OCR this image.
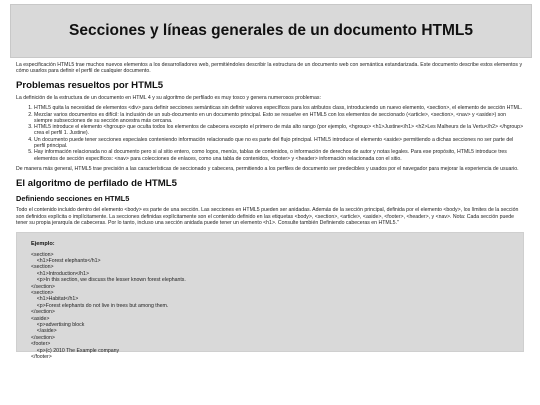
Secciones y líneas generales de un documento HTML5

La especificación HTML5 trae muchos nuevos elementos a los desarrolladores web, permitiéndoles describir la estructura de un documento web con semántica estandarizada. Este documento describe estos elementos y cómo usarlos para definir el perfil de cualquier documento.

Problemas resueltos por HTML5

La definición de la estructura de un documento en HTML 4 y su algoritmo de perfilado es muy tosco y genera numerosos problemas:

1. HTML5 quita la necesidad de elementos <div> para definir secciones semánticas sin definir valores específicos para los atributos class, introduciendo un nuevo elemento, <section>, el elemento de sección HTML.
2. Mezclar varios documentos es difícil: la inclusión de un sub-documento en un documento principal. Esto se resuelve en HTML5 con los elementos de seccionado (<article>, <section>, <nav> y <aside>) son siempre subsecciones de su sección ancestra más cercana.
3. HTML5 introduce el elemento <hgroup> que oculta todos los elementos de cabecera excepto el primero de más alto rango (por ejemplo, <hgroup> <h1>Justine</h1> <h2>Les Malheurs de la Vertu</h2> </hgroup> crea el perfil 1. Justine).
4. Un documento puede tener secciones especiales conteniendo información relacionado que no es parte del flujo principal. HTML5 introduce el elemento <aside> permitiendo a dichas secciones no ser parte del perfil principal.
5. Hay información relacionada no al documento pero si al sitio entero, como logos, menús, tablas de contenidos, o información de derechos de autor y notas legales. Para ese propósito, HTML5 introduce tres elementos de sección específicos: <nav> para colecciones de enlaces, como una tabla de contenidos, <footer> y <header> información relacionada con el sitio.

De manera más general, HTML5 trae precisión a las características de seccionado y cabecera, permitiendo a los perfiles de documento ser predecibles y usados por el navegador para mejorar la experiencia de usuario.

El algoritmo de perfilado de HTML5
Definiendo secciones en HTML5

Todo el contenido incluido dentro del elemento <body> es parte de una sección. Las secciones en HTML5 pueden ser anidadas. Además de la sección principal, definida por el elemento <body>, los límites de la sección son definidos explícita o implícitamente. La secciones definidas explícitamente son el contenido definido en las etiquetas <body>, <section>, <article>, <aside>, <footer>, <header>, y <nav>. Nota: Cada sección puede tener su propia jerarquía de cabeceras. Por lo tanto, incluso una sección anidada puede tener un elemento <h1>. Consulte también Definiendo cabeceras en HTML5."

Ejemplo:
<section>
<h1>Forest elephants</h1>
<section>
<h1>Introduction</h1>
<p>In this section, we discuss the lesser known forest elephants.
</section>
<section>
<h1>Habitat</h1>
<p>Forest elephants do not live in trees but among them.
</section>
<aside>
<p>advertising block
</aside>
</section>
<footer>
<p>(c) 2010 The Example company
</footer>
